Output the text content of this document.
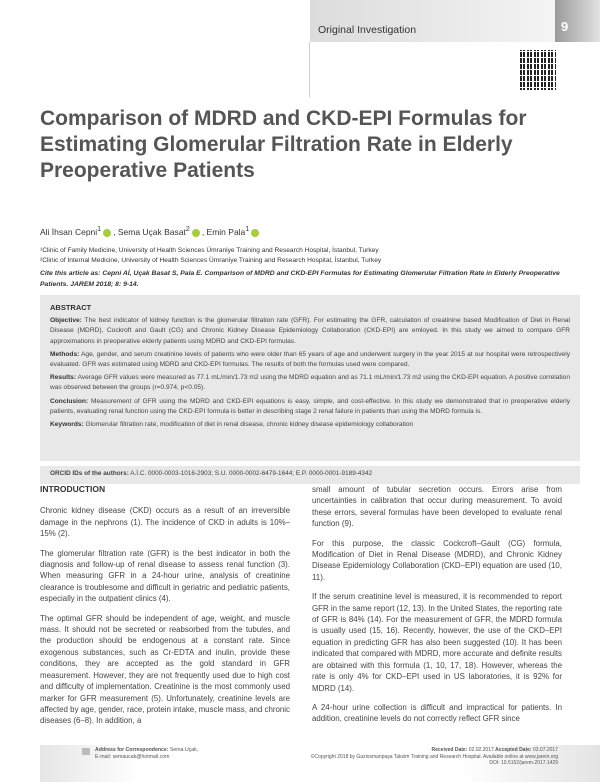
Original Investigation	9
Comparison of MDRD and CKD-EPI Formulas for Estimating Glomerular Filtration Rate in Elderly Preoperative Patients
Ali İhsan Cepni$^1$ , Sema Uçak Basat$^2$ , Emin Pala$^1$
¹Clinic of Family Medicine, University of Health Sciences Ümraniye Training and Research Hospital, İstanbul, Turkey
²Clinic of Internal Medicine, University of Health Sciences Ümraniye Training and Research Hospital, İstanbul, Turkey
Cite this article as: Cepni Aİ, Uçak Basat S, Pala E. Comparison of MDRD and CKD-EPI Formulas for Estimating Glomerular Filtration Rate in Elderly Preoperative Patients. JAREM 2018; 8: 9-14.
ABSTRACT

Objective: The best indicator of kidney function is the glomerular filtration rate (GFR). For estimating the GFR, calculation of creatinine based Modification of Diet in Renal Disease (MDRD), Cockroft and Gault (CG) and Chronic Kidney Disease Epidemiology Collaboration (CKD-EPI) are emloyed. In this study we aimed to compare GFR approximations in preoperative elderly patients using MDRD and CKD-EPI formulas.

Methods: Age, gender, and serum creatinine levels of patients who were older than 65 years of age and underwent surgery in the year 2015 at our hospital were retrospectively evaluated. GFR was estimated using MDRD and CKD-EPI formulas. The results of both the formulas used were compared.

Results: Average GFR values were measured as 77.1 mL/min/1.73 m2 using the MDRD equation and as 71.1 mL/min/1.73 m2 using the CKD-EPI equation. A positive correlation was observed between the groups (r=0.974, p<0.05).

Conclusion: Measurement of GFR using the MDRD and CKD-EPI equations is easy, simple, and cost-effective. In this study we demonstrated that in preoperative elderly patients, evaluating renal function using the CKD-EPI formula is better in describing stage 2 renal failure in patients than using the MDRD formula is.

Keywords: Glomerular filtration rate, modification of diet in renal disease, chronic kidney disease epidemiology collaboration

ORCID IDs of the authors: A.İ.C. 0000-0003-1016-2903; S.U. 0000-0002-6479-1644; E.P. 0000-0001-9189-4342
INTRODUCTION

Chronic kidney disease (CKD) occurs as a result of an irreversible damage in the nephrons (1). The incidence of CKD in adults is 10%–15% (2).

The glomerular filtration rate (GFR) is the best indicator in both the diagnosis and follow-up of renal disease to assess renal function (3). When measuring GFR in a 24-hour urine, analysis of creatinine clearance is troublesome and difficult in geriatric and pediatric patients, especially in the outpatient clinics (4).

The optimal GFR should be independent of age, weight, and muscle mass. It should not be secreted or reabsorbed from the tubules, and the production should be endogenous at a constant rate. Since exogenous substances, such as Cr-EDTA and inulin, provide these conditions, they are accepted as the gold standard in GFR measurement. However, they are not frequently used due to high cost and difficulty of implementation. Creatinine is the most commonly used marker for GFR measurement (5). Unfortunately, creatinine levels are affected by age, gender, race, protein intake, muscle mass, and chronic diseases (6–8). In addition, a

small amount of tubular secretion occurs. Errors arise from uncertainties in calibration that occur during measurement. To avoid these errors, several formulas have been developed to evaluate renal function (9).

For this purpose, the classic Cockcroft–Gault (CG) formula, Modification of Diet in Renal Disease (MDRD), and Chronic Kidney Disease Epidemiology Collaboration (CKD–EPI) equation are used (10, 11).

If the serum creatinine level is measured, it is recommended to report GFR in the same report (12, 13). In the United States, the reporting rate of GFR is 84% (14). For the measurement of GFR, the MDRD formula is usually used (15, 16). Recently, however, the use of the CKD–EPI equation in predicting GFR has also been suggested (10). It has been indicated that compared with MDRD, more accurate and definite results are obtained with this formula (1, 10, 17, 18). However, whereas the rate is only 4% for CKD–EPI used in US laboratories, it is 92% for MDRD (14).

A 24-hour urine collection is difficult and impractical for patients. In addition, creatinine levels do not correctly reflect GFR since

Address for Correspondence: Sema Uçak,
E-mail: semaucak@hotmail.com
Received Date: 02.02.2017 Accepted Date: 03.07.2017
©Copyright 2018 by Gaziosmanpaşa Taksim Training and Research Hospital. Available online at www.jarem.org
DOI: 10.5152/jarem.2017.1429
